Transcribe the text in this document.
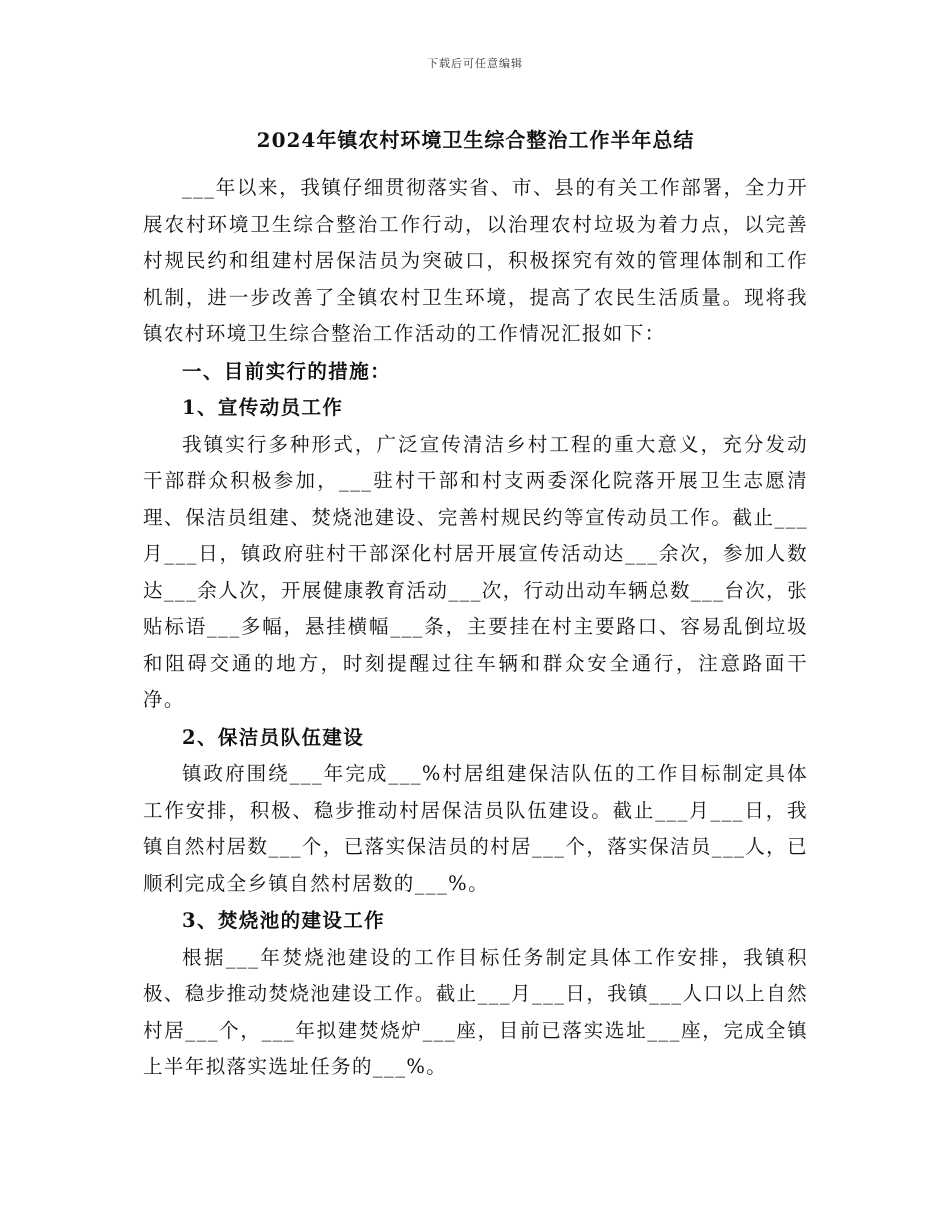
下载后可任意编辑
2024年镇农村环境卫生综合整治工作半年总结

___年以来，我镇仔细贯彻落实省、市、县的有关工作部署，全力开展农村环境卫生综合整治工作行动，以治理农村垃圾为着力点，以完善村规民约和组建村居保洁员为突破口，积极探究有效的管理体制和工作机制，进一步改善了全镇农村卫生环境，提高了农民生活质量。现将我镇农村环境卫生综合整治工作活动的工作情况汇报如下：

一、目前实行的措施：

1、宣传动员工作

我镇实行多种形式，广泛宣传清洁乡村工程的重大意义，充分发动干部群众积极参加，___驻村干部和村支两委深化院落开展卫生志愿清理、保洁员组建、焚烧池建设、完善村规民约等宣传动员工作。截止___月___日，镇政府驻村干部深化村居开展宣传活动达___余次，参加人数达___余人次，开展健康教育活动___次，行动出动车辆总数___台次，张贴标语___多幅，悬挂横幅___条，主要挂在村主要路口、容易乱倒垃圾和阻碍交通的地方，时刻提醒过往车辆和群众安全通行，注意路面干净。

2、保洁员队伍建设

镇政府围绕___年完成___%村居组建保洁队伍的工作目标制定具体工作安排，积极、稳步推动村居保洁员队伍建设。截止___月___日，我镇自然村居数___个，已落实保洁员的村居___个，落实保洁员___人，已顺利完成全乡镇自然村居数的___%。

3、焚烧池的建设工作

根据___年焚烧池建设的工作目标任务制定具体工作安排，我镇积极、稳步推动焚烧池建设工作。截止___月___日，我镇___人口以上自然村居___个，___年拟建焚烧炉___座，目前已落实选址___座，完成全镇上半年拟落实选址任务的___%。
